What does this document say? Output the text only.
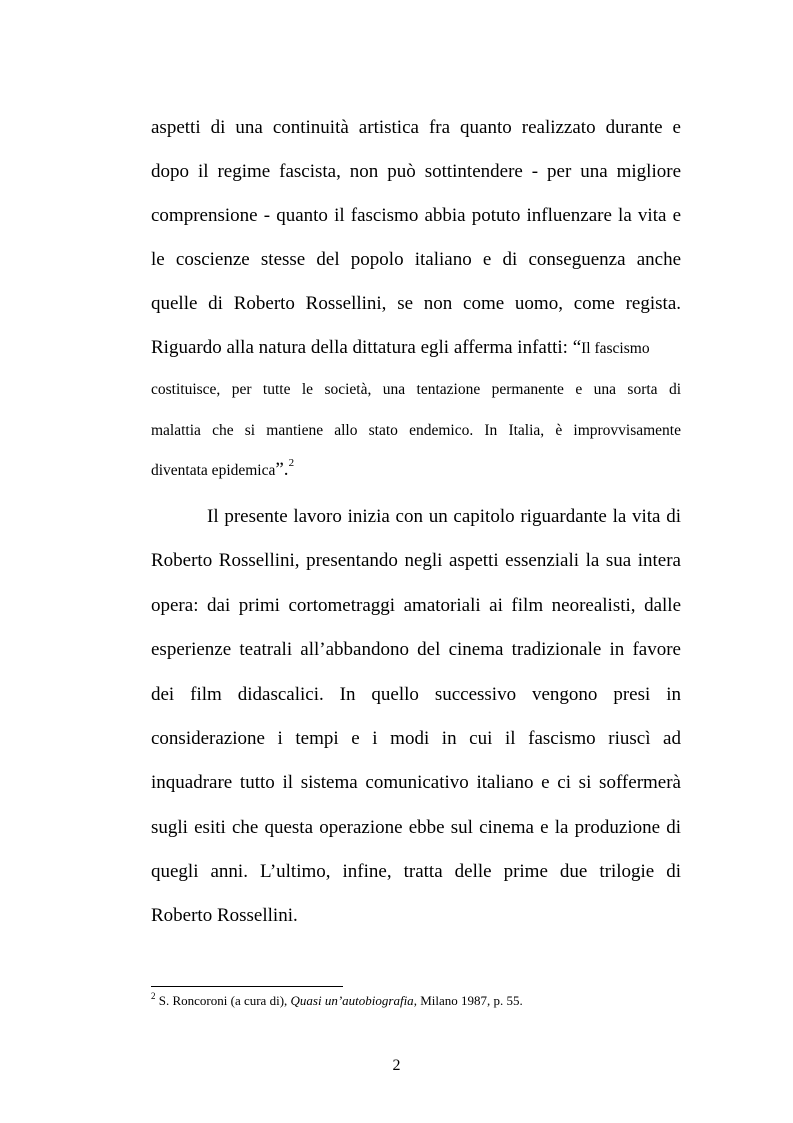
aspetti di una continuità artistica fra quanto realizzato durante e
dopo il regime fascista, non può sottintendere - per una migliore
comprensione - quanto il fascismo abbia potuto influenzare la vita e
le coscienze stesse del popolo italiano e di conseguenza anche
quelle di Roberto Rossellini, se non come uomo, come regista.
Riguardo alla natura della dittatura egli afferma infatti: “Il fascismo
costituisce, per tutte le società, una tentazione permanente e una sorta di
malattia che si mantiene allo stato endemico. In Italia, è improvvisamente
diventata epidemica”.$^2$
Il presente lavoro inizia con un capitolo riguardante la vita di
Roberto Rossellini, presentando negli aspetti essenziali la sua intera
opera: dai primi cortometraggi amatoriali ai film neorealisti, dalle
esperienze teatrali all’abbandono del cinema tradizionale in favore
dei film didascalici. In quello successivo vengono presi in
considerazione i tempi e i modi in cui il fascismo riuscì ad
inquadrare tutto il sistema comunicativo italiano e ci si soffermerà
sugli esiti che questa operazione ebbe sul cinema e la produzione di
quegli anni. L’ultimo, infine, tratta delle prime due trilogie di
Roberto Rossellini.
$^2$ S. Roncoroni (a cura di), Quasi un’autobiografia, Milano 1987, p. 55.
2
